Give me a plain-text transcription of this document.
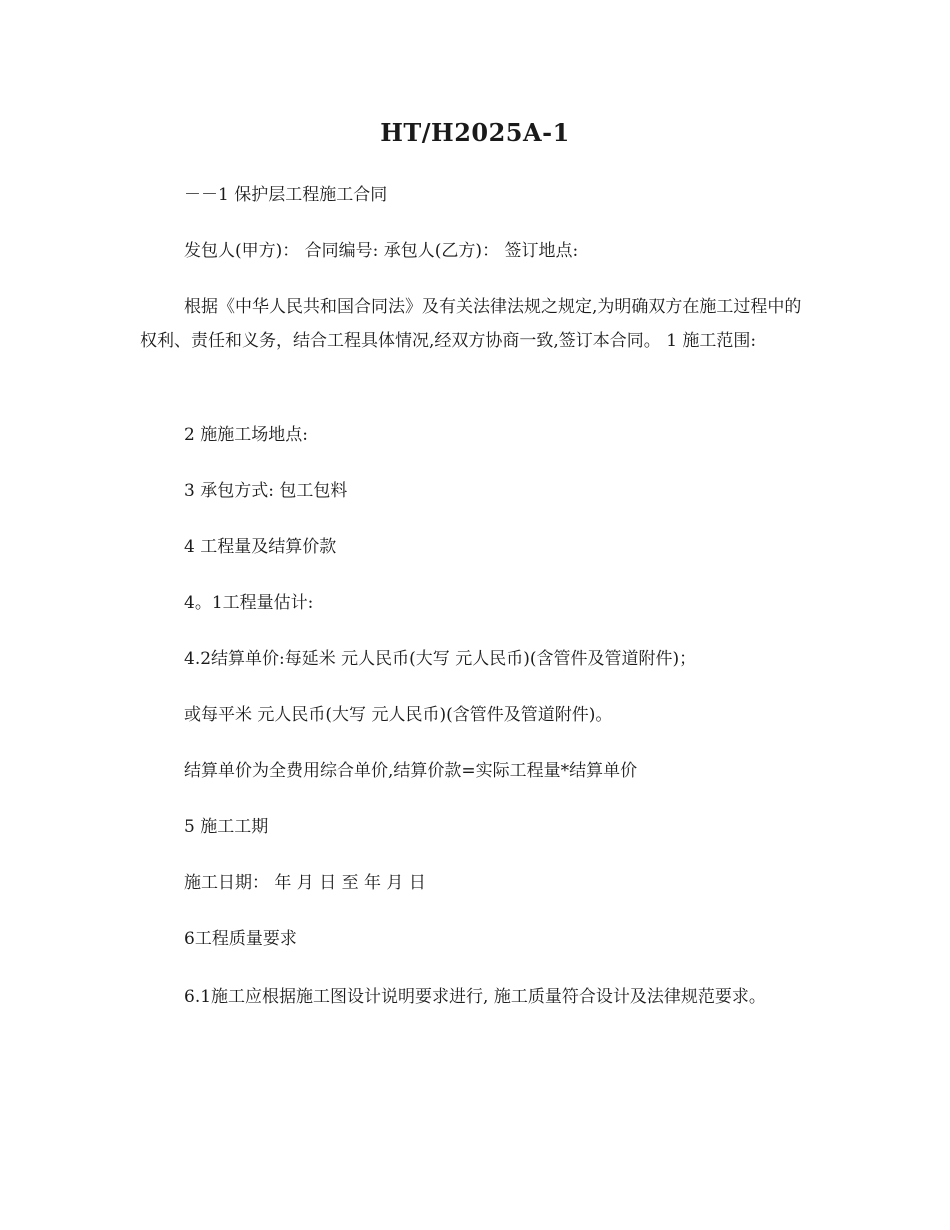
HT/H2025A-1
－－1 保护层工程施工合同
发包人(甲方)： 合同编号: 承包人(乙方)： 签订地点:
根据《中华人民共和国合同法》及有关法律法规之规定,为明确双方在施工过程中的权利、责任和义务，结合工程具体情况,经双方协商一致,签订本合同。 1 施工范围:
2 施施工场地点:
3 承包方式: 包工包料
4 工程量及结算价款
4。1工程量估计:
4.2结算单价:每延米 元人民币(大写 元人民币)(含管件及管道附件)；
或每平米 元人民币(大写 元人民币)(含管件及管道附件)。
结算单价为全费用综合单价,结算价款=实际工程量*结算单价
5 施工工期
施工日期： 年 月 日 至 年 月 日
6工程质量要求
6.1施工应根据施工图设计说明要求进行, 施工质量符合设计及法律规范要求。
